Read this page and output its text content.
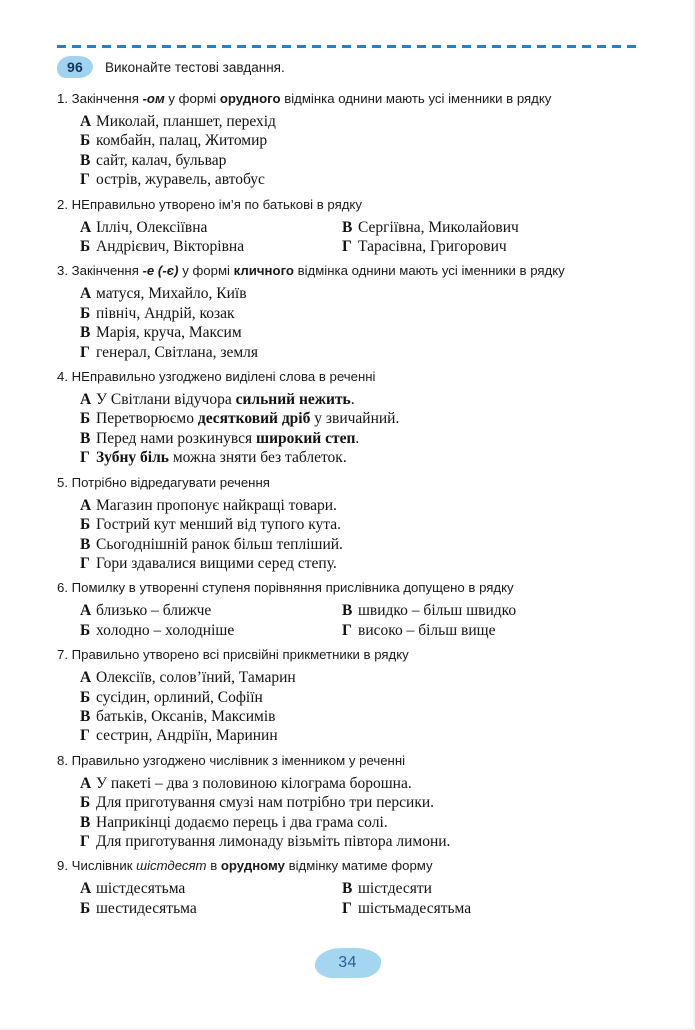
96 Виконайте тестові завдання.
1. Закінчення -ом у формі орудного відмінка однини мають усі іменники в рядку
А Миколай, планшет, перехід
Б комбайн, палац, Житомир
В сайт, калач, бульвар
Г острів, журавель, автобус
2. НЕправильно утворено ім’я по батькові в рядку
А Ілліч, Олексіївна
Б Андрієвич, Вікторівна
В Сергіївна, Миколайович
Г Тарасівна, Григорович
3. Закінчення -е (-є) у формі кличного відмінка однини мають усі іменники в рядку
А матуся, Михайло, Київ
Б північ, Андрій, козак
В Марія, круча, Максим
Г генерал, Світлана, земля
4. НЕправильно узгоджено виділені слова в реченні
А У Світлани відучора сильний нежить.
Б Перетворюємо десятковий дріб у звичайний.
В Перед нами розкинувся широкий степ.
Г Зубну біль можна зняти без таблеток.
5. Потрібно відредагувати речення
А Магазин пропонує найкращі товари.
Б Гострий кут менший від тупого кута.
В Сьогоднішній ранок більш тепліший.
Г Гори здавалися вищими серед степу.
6. Помилку в утворенні ступеня порівняння прислівника допущено в рядку
А близько – ближче
Б холодно – холодніше
В швидко – більш швидко
Г високо – більш вище
7. Правильно утворено всі присвійні прикметники в рядку
А Олексіїв, солов’їний, Тамарин
Б сусідин, орлиний, Софіїн
В батьків, Оксанів, Максимів
Г сестрин, Андріїн, Маринин
8. Правильно узгоджено числівник з іменником у реченні
А У пакеті – два з половиною кілограма борошна.
Б Для приготування смузі нам потрібно три персики.
В Наприкінці додаємо перець і два грама солі.
Г Для приготування лимонаду візьміть півтора лимони.
9. Числівник шістдесят в орудному відмінку матиме форму
А шістдесятьма
Б шестидесятьма
В шістдесяти
Г шістьмадесятьма
34
